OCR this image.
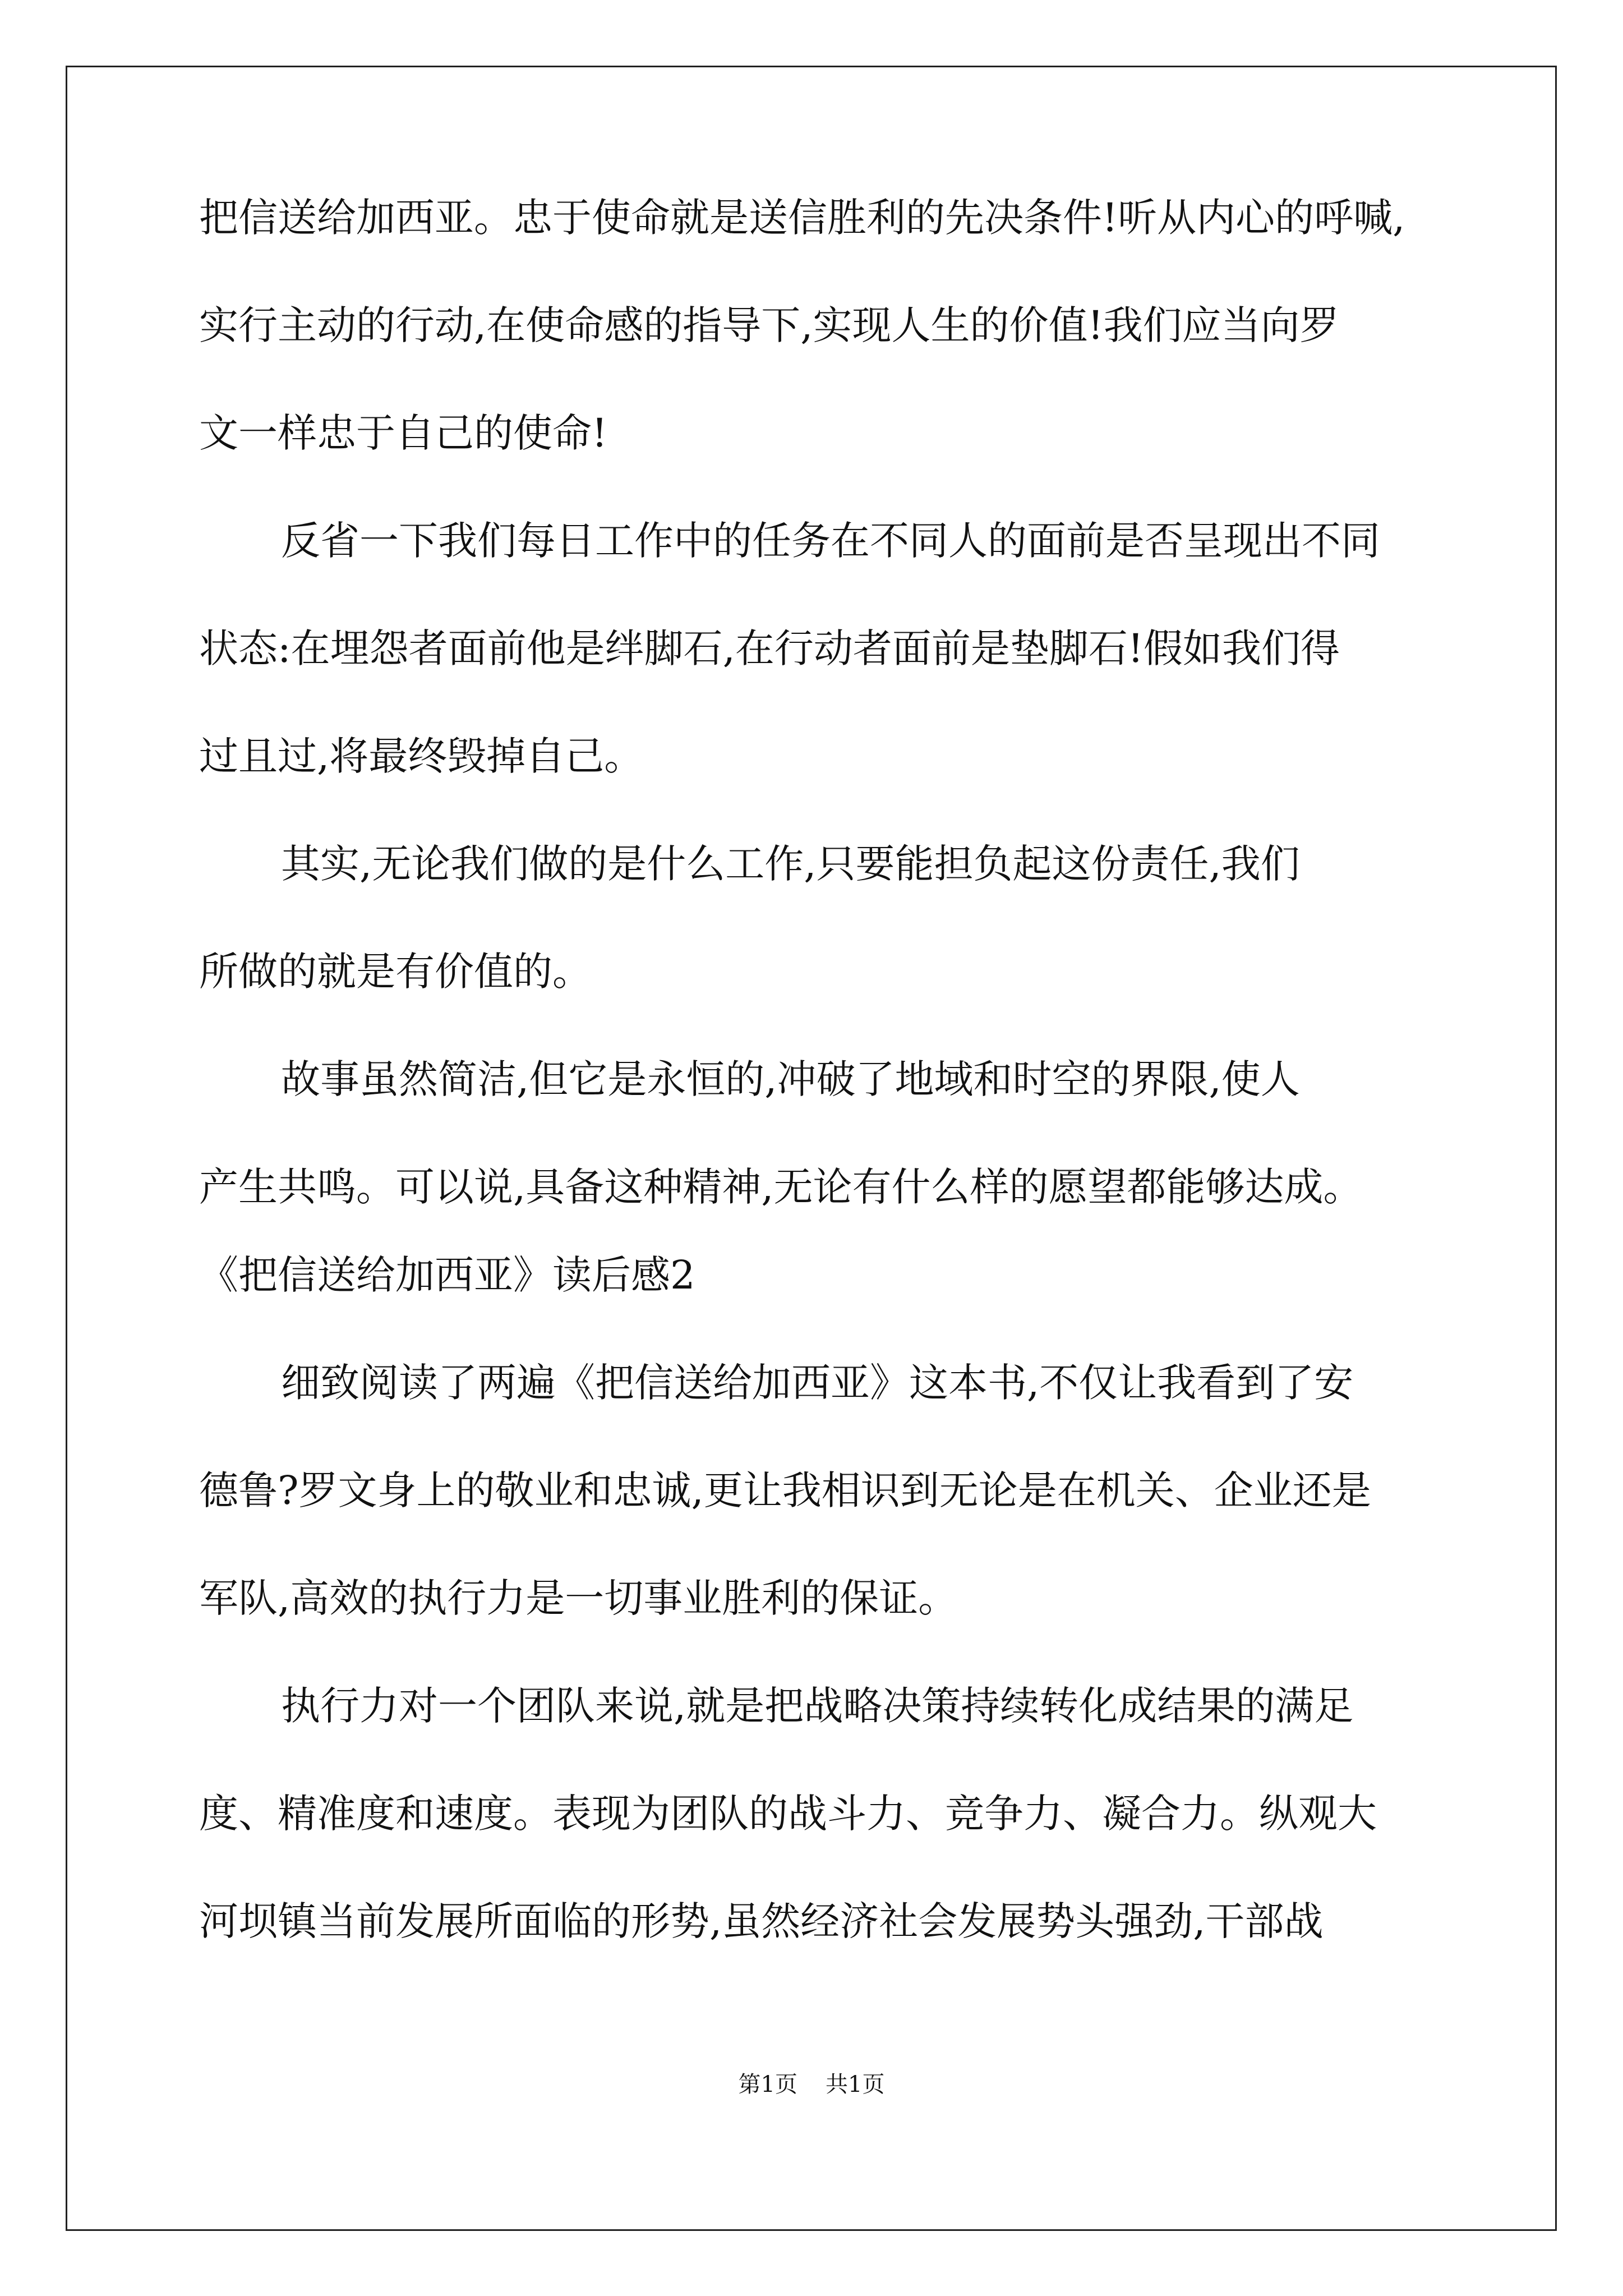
把信送给加西亚。忠于使命就是送信胜利的先决条件!听从内心的呼喊,
实行主动的行动,在使命感的指导下,实现人生的价值!我们应当向罗
文一样忠于自己的使命!
反省一下我们每日工作中的任务在不同人的面前是否呈现出不同
状态:在埋怨者面前他是绊脚石,在行动者面前是垫脚石!假如我们得
过且过,将最终毁掉自己。
其实,无论我们做的是什么工作,只要能担负起这份责任,我们
所做的就是有价值的。
故事虽然简洁,但它是永恒的,冲破了地域和时空的界限,使人
产生共鸣。可以说,具备这种精神,无论有什么样的愿望都能够达成。
《把信送给加西亚》读后感2
细致阅读了两遍《把信送给加西亚》这本书,不仅让我看到了安
德鲁?罗文身上的敬业和忠诚,更让我相识到无论是在机关、企业还是
军队,高效的执行力是一切事业胜利的保证。
执行力对一个团队来说,就是把战略决策持续转化成结果的满足
度、精准度和速度。表现为团队的战斗力、竞争力、凝合力。纵观大
河坝镇当前发展所面临的形势,虽然经济社会发展势头强劲,干部战
第1页 共1页
